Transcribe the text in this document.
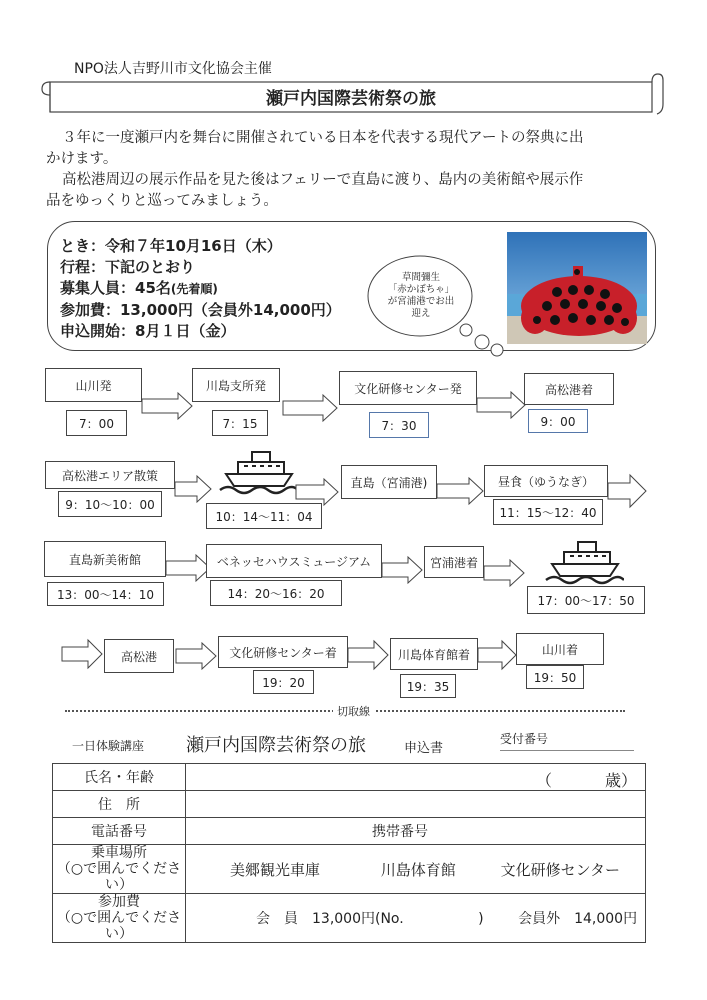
NPO法人吉野川市文化協会主催
瀬戸内国際芸術祭の旅
３年に一度瀬戸内を舞台に開催されている日本を代表する現代アートの祭典に出
かけます。
高松港周辺の展示作品を見た後はフェリーで直島に渡り、島内の美術館や展示作
品をゆっくりと巡ってみましょう。
とき：令和７年10月16日（木）
行程：下記のとおり
募集人員：45名(先着順)
参加費：13,000円（会員外14,000円）
申込開始：8月１日（金）
草間彌生
「赤かぼちゃ」
が宮浦港でお出
迎え
山川発
7：00
川島支所発
7：15
文化研修センター発
7：30
高松港着
9：00
高松港エリア散策
9：10〜10：00
10：14〜11：04
直島（宮浦港)	昼食（ゆうなぎ）
11：15〜12：40
直島新美術館
13：00〜14：10
ベネッセハウスミュージアム
14：20〜16：20
宮浦港着
17：00〜17：50
高松港	文化研修センター着
19：20
川島体育館着
19：35
山川着
19：50
切取線
一日体験講座 瀬戸内国際芸術祭の旅	申込書
受付番号
氏名・年齢	（ 歳）

住　所	
電話番号	携帯番号

乗車場所
（○で囲んでください）	美郷観光車庫 川島体育館 文化研修センター

参加費
（○で囲んでください）	会　員　13,000円(No. ) 会員外　14,000円
